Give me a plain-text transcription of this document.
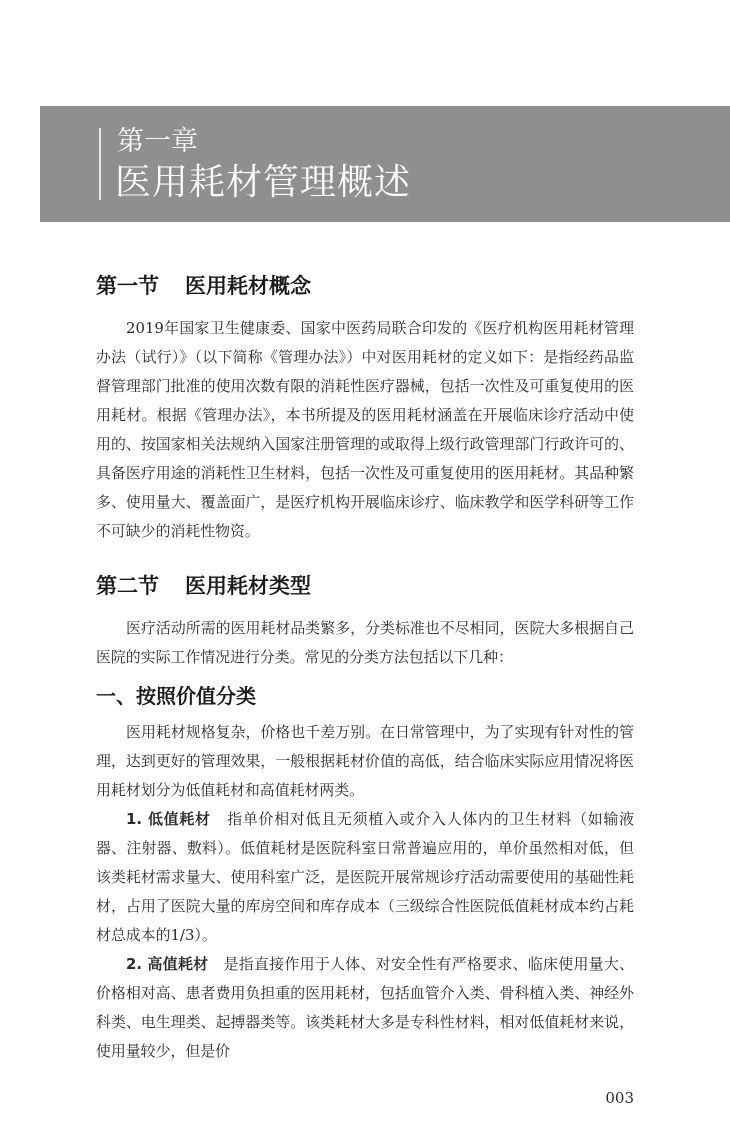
第一章
医用耗材管理概述
第一节 医用耗材概念

2019年国家卫生健康委、国家中医药局联合印发的《医疗机构医用耗材管理办法（试行）》（以下简称《管理办法》）中对医用耗材的定义如下：是指经药品监督管理部门批准的使用次数有限的消耗性医疗器械，包括一次性及可重复使用的医用耗材。根据《管理办法》，本书所提及的医用耗材涵盖在开展临床诊疗活动中使用的、按国家相关法规纳入国家注册管理的或取得上级行政管理部门行政许可的、具备医疗用途的消耗性卫生材料，包括一次性及可重复使用的医用耗材。其品种繁多、使用量大、覆盖面广，是医疗机构开展临床诊疗、临床教学和医学科研等工作不可缺少的消耗性物资。

第二节 医用耗材类型

医疗活动所需的医用耗材品类繁多，分类标准也不尽相同，医院大多根据自己医院的实际工作情况进行分类。常见的分类方法包括以下几种：

一、按照价值分类

医用耗材规格复杂，价格也千差万别。在日常管理中，为了实现有针对性的管理，达到更好的管理效果，一般根据耗材价值的高低，结合临床实际应用情况将医用耗材划分为低值耗材和高值耗材两类。

1. 低值耗材 指单价相对低且无须植入或介入人体内的卫生材料（如输液器、注射器、敷料）。低值耗材是医院科室日常普遍应用的，单价虽然相对低，但该类耗材需求量大、使用科室广泛，是医院开展常规诊疗活动需要使用的基础性耗材，占用了医院大量的库房空间和库存成本（三级综合性医院低值耗材成本约占耗材总成本的1/3）。

2. 高值耗材 是指直接作用于人体、对安全性有严格要求、临床使用量大、价格相对高、患者费用负担重的医用耗材，包括血管介入类、骨科植入类、神经外科类、电生理类、起搏器类等。该类耗材大多是专科性材料，相对低值耗材来说，使用量较少，但是价

003
